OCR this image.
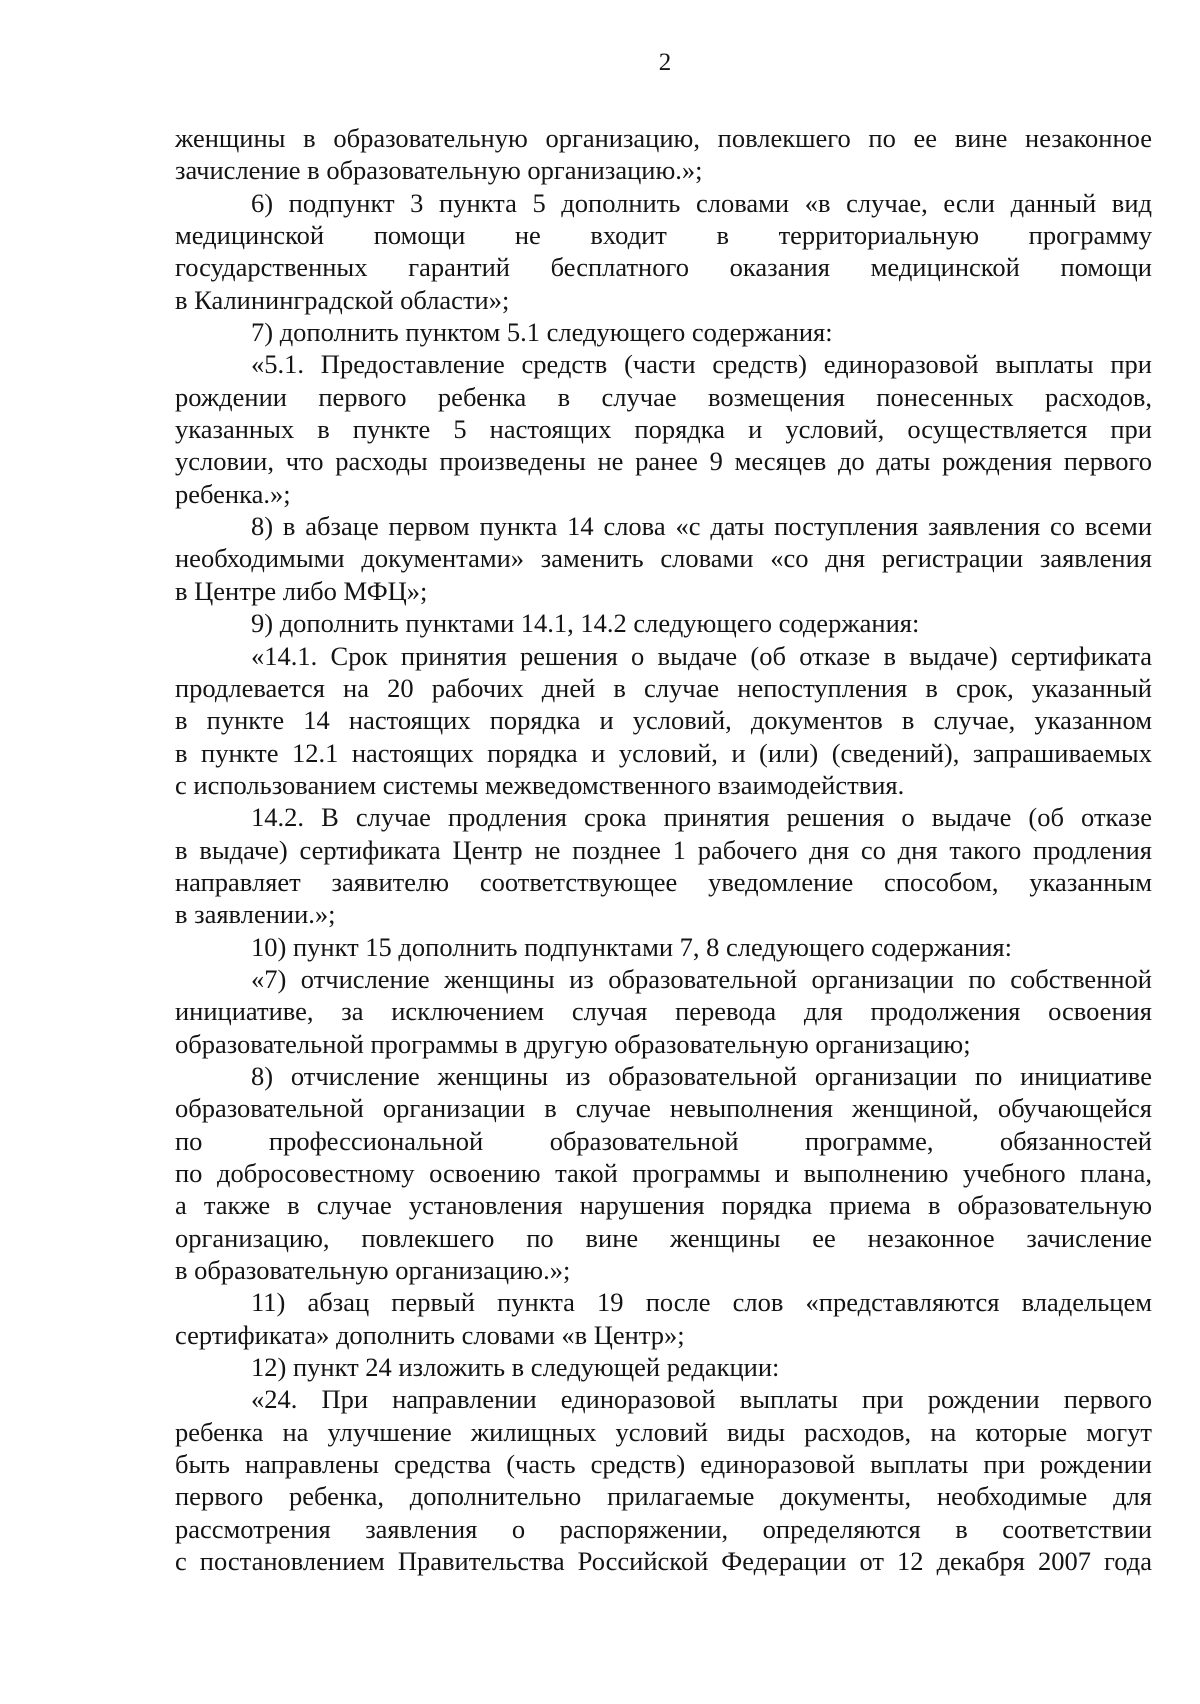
2
женщины в образовательную организацию, повлекшего по ее вине незаконное
зачисление в образовательную организацию.»;
6) подпункт 3 пункта 5 дополнить словами «в случае, если данный вид
медицинской помощи не входит в территориальную программу
государственных гарантий бесплатного оказания медицинской помощи
в Калининградской области»;
7) дополнить пунктом 5.1 следующего содержания:
«5.1. Предоставление средств (части средств) единоразовой выплаты при
рождении первого ребенка в случае возмещения понесенных расходов,
указанных в пункте 5 настоящих порядка и условий, осуществляется при
условии, что расходы произведены не ранее 9 месяцев до даты рождения первого
ребенка.»;
8) в абзаце первом пункта 14 слова «с даты поступления заявления со всеми
необходимыми документами» заменить словами «со дня регистрации заявления
в Центре либо МФЦ»;
9) дополнить пунктами 14.1, 14.2 следующего содержания:
«14.1. Срок принятия решения о выдаче (об отказе в выдаче) сертификата
продлевается на 20 рабочих дней в случае непоступления в срок, указанный
в пункте 14 настоящих порядка и условий, документов в случае, указанном
в пункте 12.1 настоящих порядка и условий, и (или) (сведений), запрашиваемых
с использованием системы межведомственного взаимодействия.
14.2. В случае продления срока принятия решения о выдаче (об отказе
в выдаче) сертификата Центр не позднее 1 рабочего дня со дня такого продления
направляет заявителю соответствующее уведомление способом, указанным
в заявлении.»;
10) пункт 15 дополнить подпунктами 7, 8 следующего содержания:
«7) отчисление женщины из образовательной организации по собственной
инициативе, за исключением случая перевода для продолжения освоения
образовательной программы в другую образовательную организацию;
8) отчисление женщины из образовательной организации по инициативе
образовательной организации в случае невыполнения женщиной, обучающейся
по профессиональной образовательной программе, обязанностей
по добросовестному освоению такой программы и выполнению учебного плана,
а также в случае установления нарушения порядка приема в образовательную
организацию, повлекшего по вине женщины ее незаконное зачисление
в образовательную организацию.»;
11) абзац первый пункта 19 после слов «представляются владельцем
сертификата» дополнить словами «в Центр»;
12) пункт 24 изложить в следующей редакции:
«24. При направлении единоразовой выплаты при рождении первого
ребенка на улучшение жилищных условий виды расходов, на которые могут
быть направлены средства (часть средств) единоразовой выплаты при рождении
первого ребенка, дополнительно прилагаемые документы, необходимые для
рассмотрения заявления о распоряжении, определяются в соответствии
с постановлением Правительства Российской Федерации от 12 декабря 2007 года
